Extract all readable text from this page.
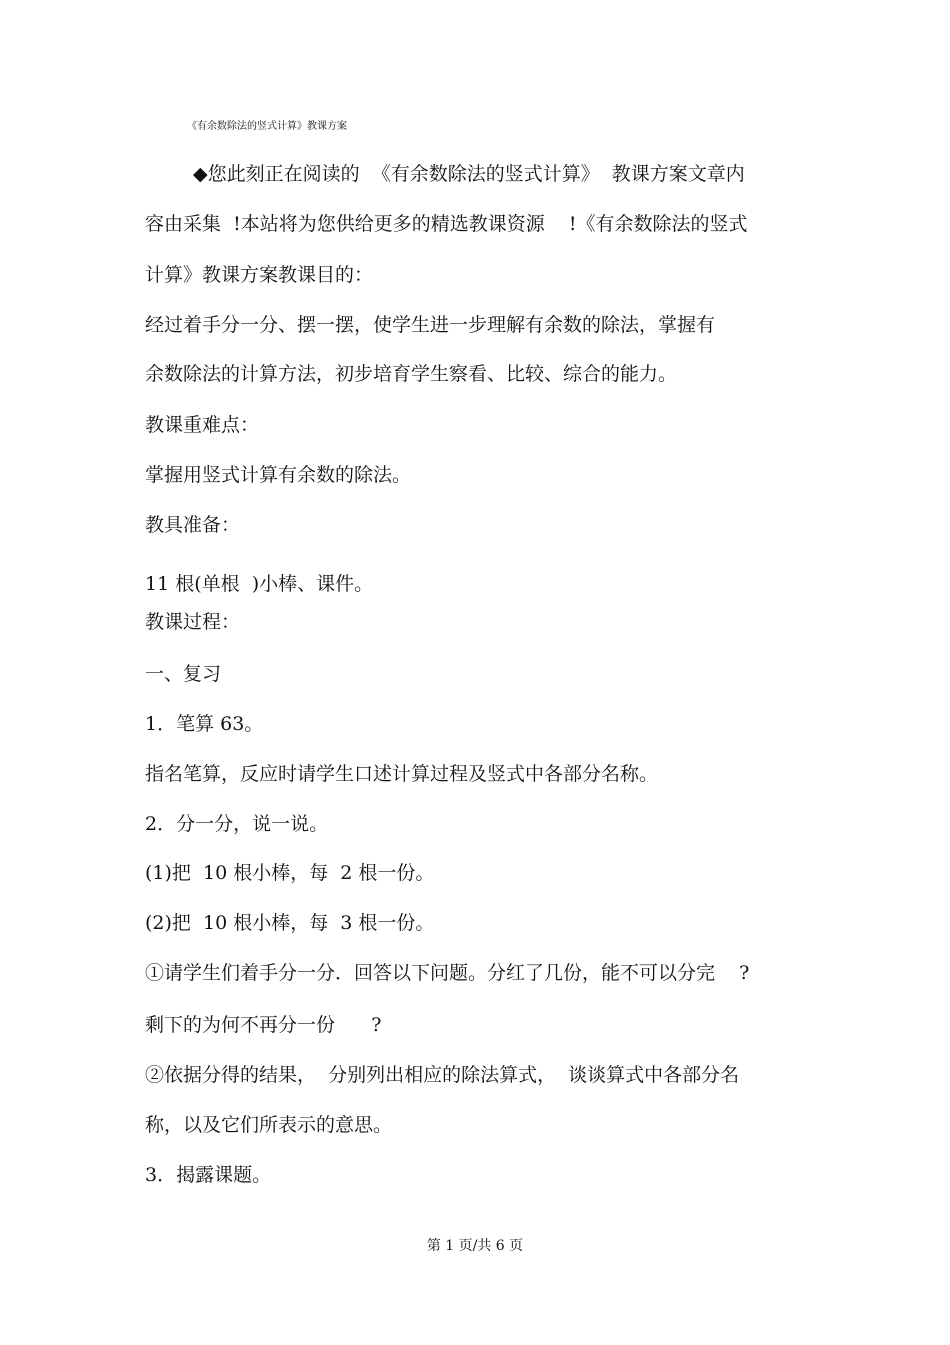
《有余数除法的竖式计算》教课方案
◆您此刻正在阅读的  《有余数除法的竖式计算》  教课方案文章内
容由采集  !本站将为您供给更多的精选教课资源    !《有余数除法的竖式
计算》教课方案教课目的：
经过着手分一分、摆一摆，使学生进一步理解有余数的除法，掌握有
余数除法的计算方法，初步培育学生察看、比较、综合的能力。
教课重难点：
掌握用竖式计算有余数的除法。
教具准备：
11 根(单根  )小棒、课件。
教课过程：
一、复习
1．笔算 63。
指名笔算，反应时请学生口述计算过程及竖式中各部分名称。
2．分一分，说一说。
(1)把  10 根小棒，每  2 根一份。
(2)把  10 根小棒，每  3 根一份。
①请学生们着手分一分．回答以下问题。分红了几份，能不可以分完    ?
剩下的为何不再分一份      ?
②依据分得的结果，  分别列出相应的除法算式，  谈谈算式中各部分名
称，以及它们所表示的意思。
3．揭露课题。
第 1 页/共 6 页
